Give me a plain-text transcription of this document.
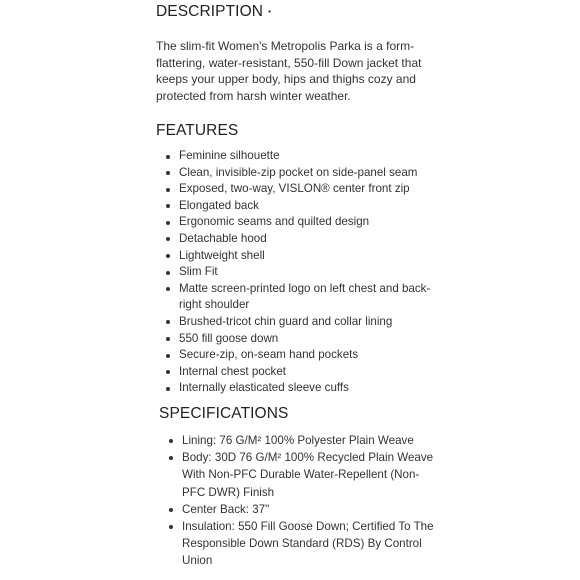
DESCRIPTION ⬩

The slim-fit Women's Metropolis Parka is a form-flattering, water-resistant, 550-fill Down jacket that keeps your upper body, hips and thighs cozy and protected from harsh winter weather.

FEATURES
Feminine silhouette
Clean, invisible-zip pocket on side-panel seam
Exposed, two-way, VISLON® center front zip
Elongated back
Ergonomic seams and quilted design
Detachable hood
Lightweight shell
Slim Fit
Matte screen-printed logo on left chest and back-right shoulder
Brushed-tricot chin guard and collar lining
550 fill goose down
Secure-zip, on-seam hand pockets
Internal chest pocket
Internally elasticated sleeve cuffs
SPECIFICATIONS
Lining: 76 G/M² 100% Polyester Plain Weave
Body: 30D 76 G/M² 100% Recycled Plain Weave With Non-PFC Durable Water-Repellent (Non-PFC DWR) Finish
Center Back: 37"
Insulation: 550 Fill Goose Down; Certified To The Responsible Down Standard (RDS) By Control Union
